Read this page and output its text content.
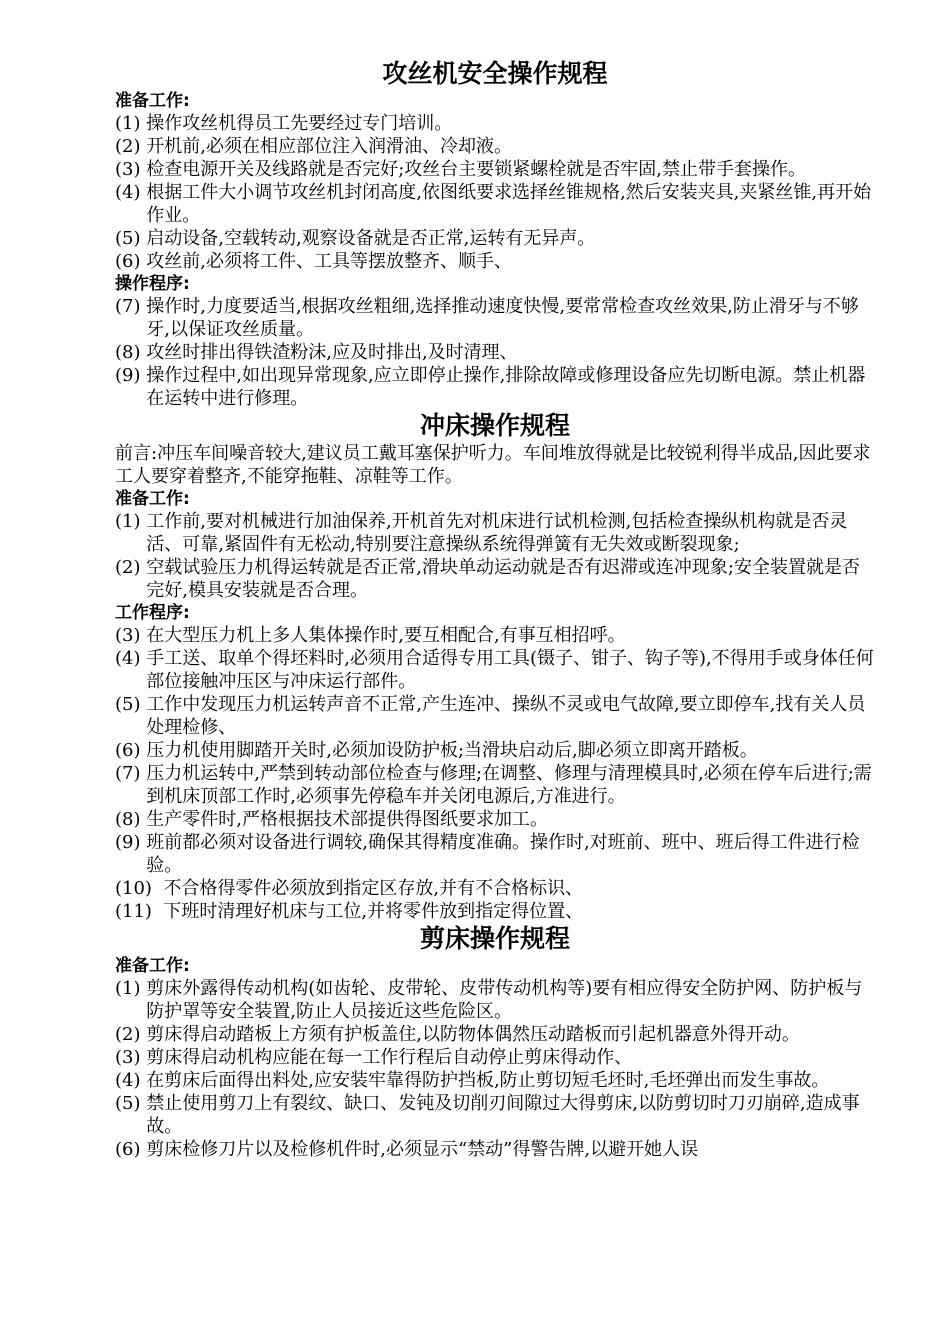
攻丝机安全操作规程
准备工作:
(1) 操作攻丝机得员工先要经过专门培训。
(2) 开机前,必须在相应部位注入润滑油、冷却液。
(3) 检查电源开关及线路就是否完好;攻丝台主要锁紧螺栓就是否牢固,禁止带手套操作。
(4) 根据工件大小调节攻丝机封闭高度,依图纸要求选择丝锥规格,然后安装夹具,夹紧丝锥,再开始作业。
(5) 启动设备,空载转动,观察设备就是否正常,运转有无异声。
(6) 攻丝前,必须将工件、工具等摆放整齐、顺手、
操作程序:
(7) 操作时,力度要适当,根据攻丝粗细,选择推动速度快慢,要常常检查攻丝效果,防止滑牙与不够牙,以保证攻丝质量。
(8) 攻丝时排出得铁渣粉沫,应及时排出,及时清理、
(9) 操作过程中,如出现异常现象,应立即停止操作,排除故障或修理设备应先切断电源。禁止机器在运转中进行修理。
冲床操作规程

前言:冲压车间噪音较大,建议员工戴耳塞保护听力。车间堆放得就是比较锐利得半成品,因此要求工人要穿着整齐,不能穿拖鞋、凉鞋等工作。

准备工作:
(1) 工作前,要对机械进行加油保养,开机首先对机床进行试机检测,包括检查操纵机构就是否灵活、可靠,紧固件有无松动,特别要注意操纵系统得弹簧有无失效或断裂现象;
(2) 空载试验压力机得运转就是否正常,滑块单动运动就是否有迟滞或连冲现象;安全装置就是否完好,模具安装就是否合理。
工作程序:
(3) 在大型压力机上多人集体操作时,要互相配合,有事互相招呼。
(4) 手工送、取单个得坯料时,必须用合适得专用工具(镊子、钳子、钩子等),不得用手或身体任何部位接触冲压区与冲床运行部件。
(5) 工作中发现压力机运转声音不正常,产生连冲、操纵不灵或电气故障,要立即停车,找有关人员处理检修、
(6) 压力机使用脚踏开关时,必须加设防护板;当滑块启动后,脚必须立即离开踏板。
(7) 压力机运转中,严禁到转动部位检查与修理;在调整、修理与清理模具时,必须在停车后进行;需到机床顶部工作时,必须事先停稳车并关闭电源后,方准进行。
(8) 生产零件时,严格根据技术部提供得图纸要求加工。
(9) 班前都必须对设备进行调较,确保其得精度准确。操作时,对班前、班中、班后得工件进行检验。
(10) 不合格得零件必须放到指定区存放,并有不合格标识、
(11) 下班时清理好机床与工位,并将零件放到指定得位置、
剪床操作规程
准备工作:
(1) 剪床外露得传动机构(如齿轮、皮带轮、皮带传动机构等)要有相应得安全防护网、防护板与防护罩等安全装置,防止人员接近这些危险区。
(2) 剪床得启动踏板上方须有护板盖住,以防物体偶然压动踏板而引起机器意外得开动。
(3) 剪床得启动机构应能在每一工作行程后自动停止剪床得动作、
(4) 在剪床后面得出料处,应安装牢靠得防护挡板,防止剪切短毛坯时,毛坯弹出而发生事故。
(5) 禁止使用剪刀上有裂纹、缺口、发钝及切削刃间隙过大得剪床,以防剪切时刀刃崩碎,造成事故。
(6) 剪床检修刀片以及检修机件时,必须显示“禁动”得警告牌,以避开她人误
